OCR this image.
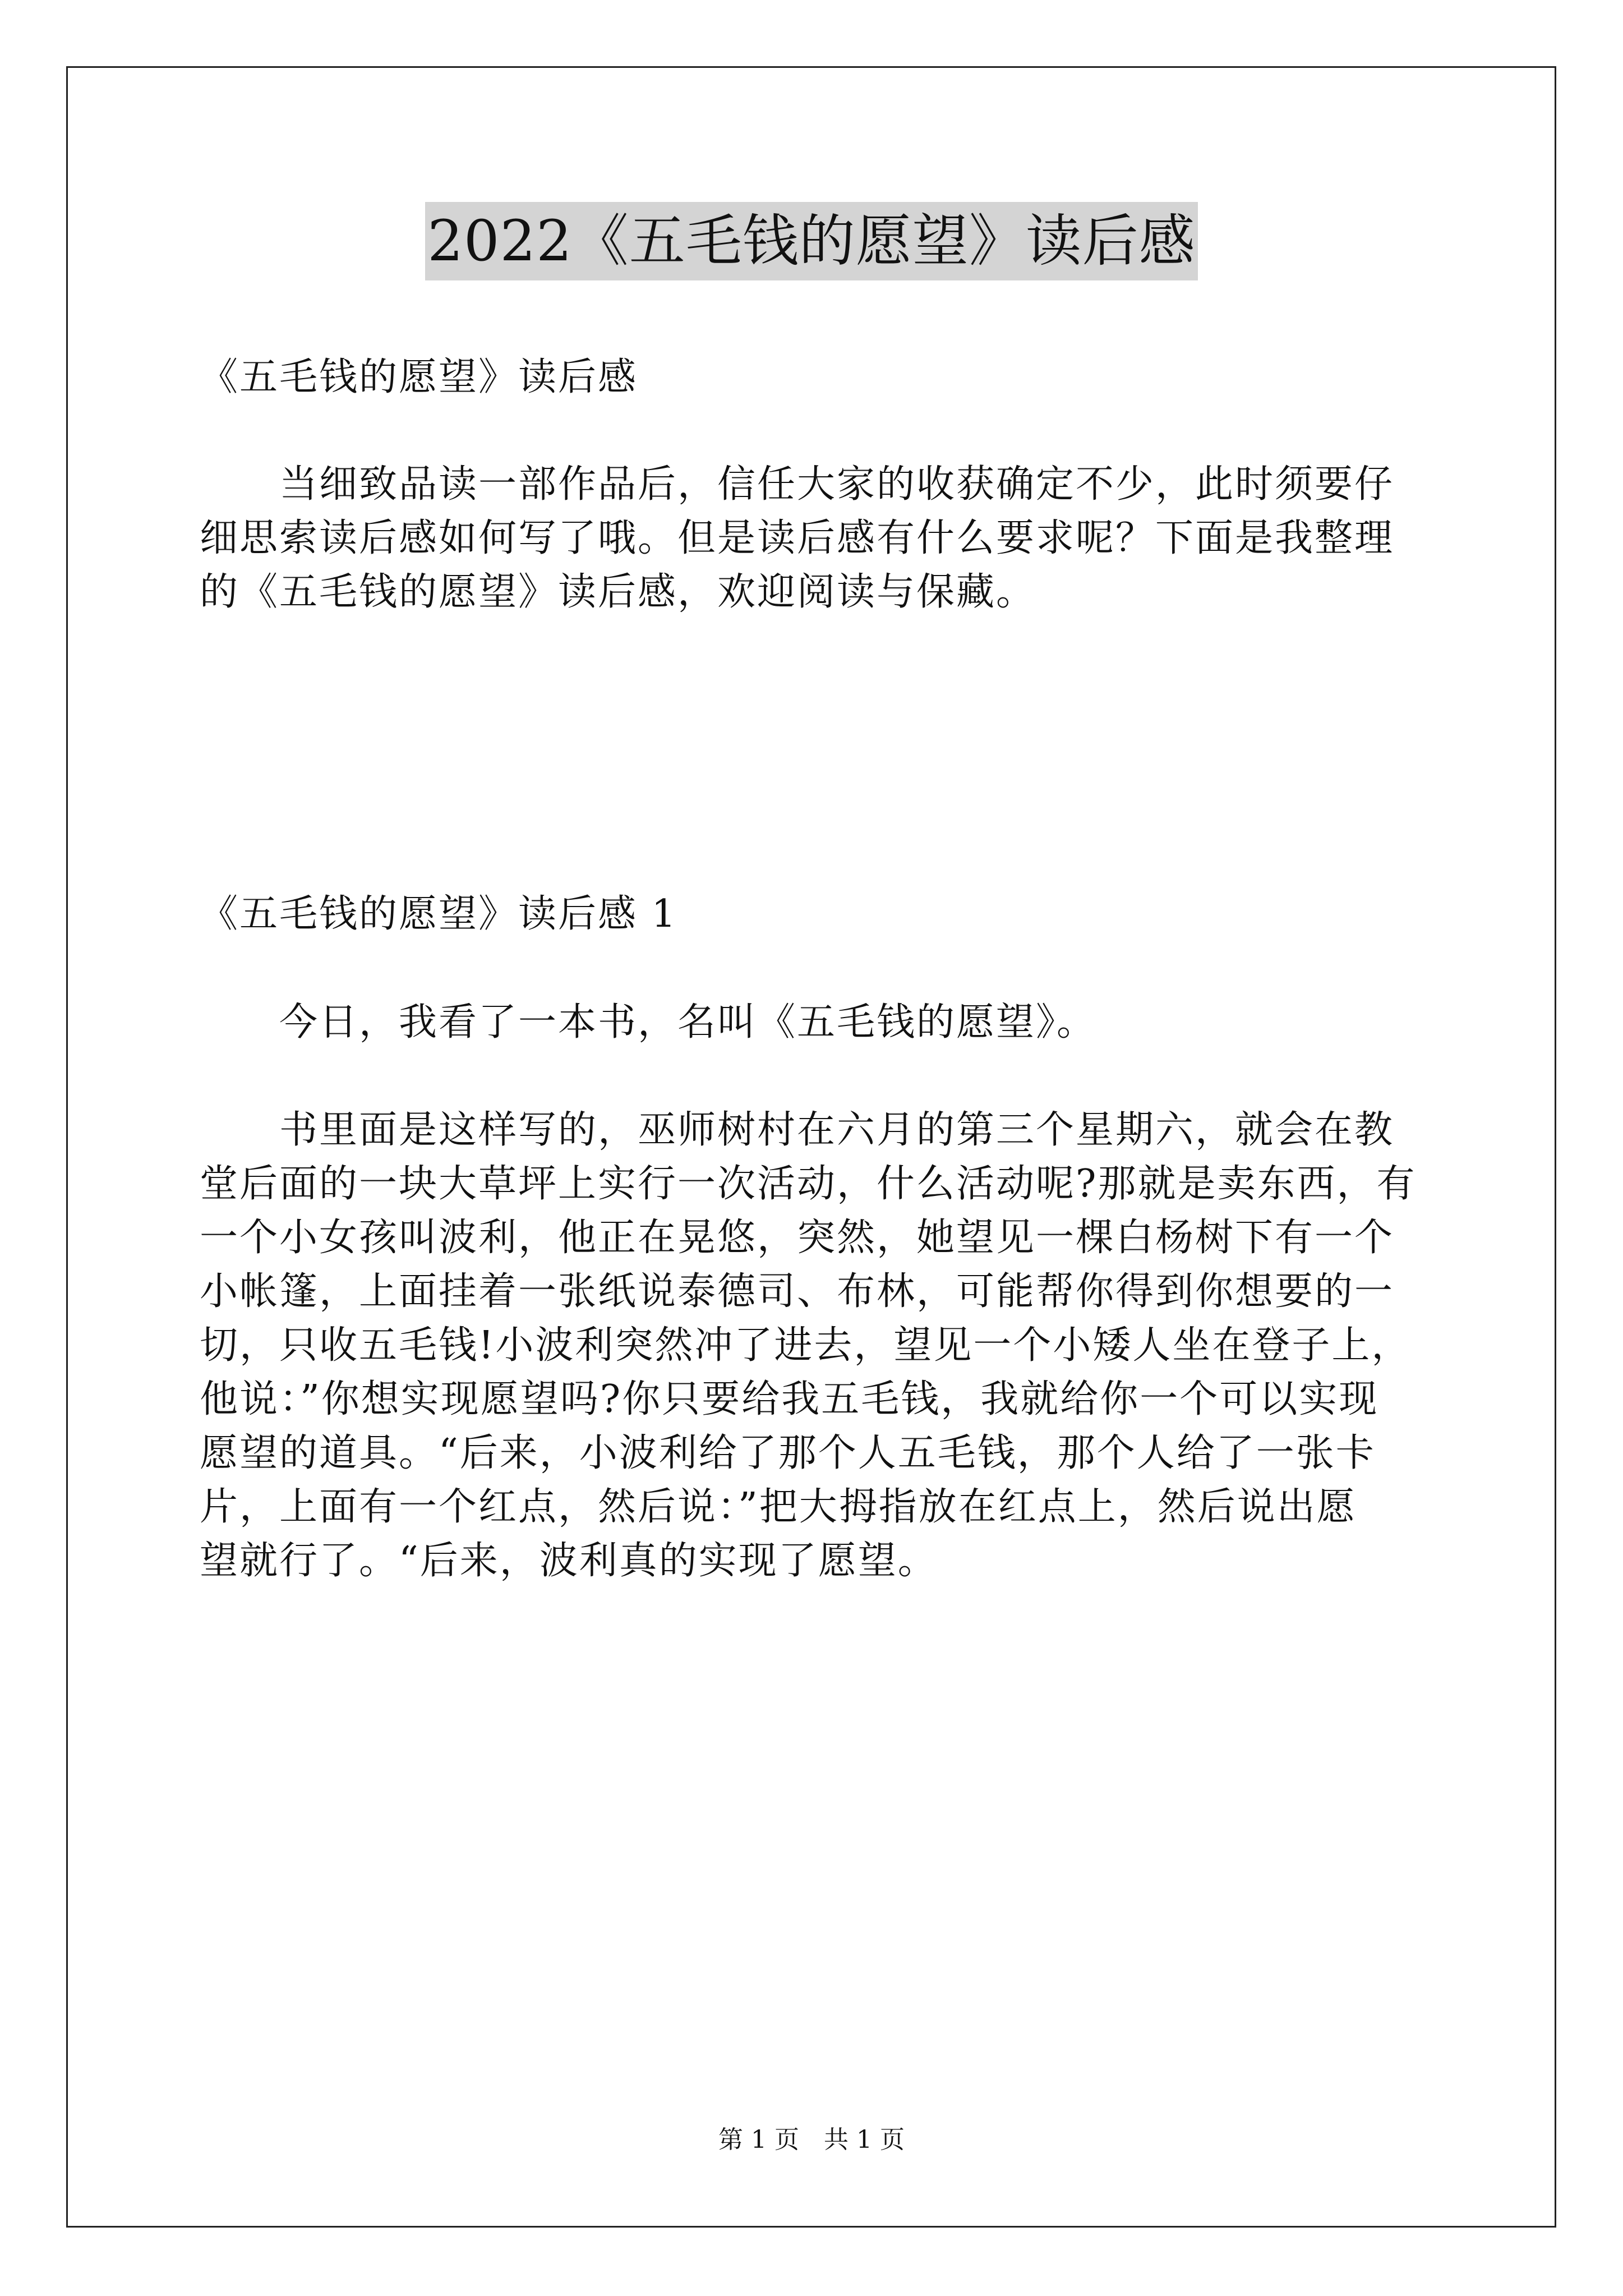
2022《五毛钱的愿望》读后感
《五毛钱的愿望》读后感
　　当细致品读一部作品后，信任大家的收获确定不少，此时须要仔
细思索读后感如何写了哦。但是读后感有什么要求呢？下面是我整理
的《五毛钱的愿望》读后感，欢迎阅读与保藏。
《五毛钱的愿望》读后感 1
　　今日，我看了一本书，名叫《五毛钱的愿望》。
　　书里面是这样写的，巫师树村在六月的第三个星期六，就会在教
堂后面的一块大草坪上实行一次活动，什么活动呢?那就是卖东西，有
一个小女孩叫波利，他正在晃悠，突然，她望见一棵白杨树下有一个
小帐篷，上面挂着一张纸说泰德司、布林，可能帮你得到你想要的一
切，只收五毛钱!小波利突然冲了进去，望见一个小矮人坐在登子上，
他说：”你想实现愿望吗?你只要给我五毛钱，我就给你一个可以实现
愿望的道具。“后来，小波利给了那个人五毛钱，那个人给了一张卡
片，上面有一个红点，然后说：”把大拇指放在红点上，然后说出愿
望就行了。“后来，波利真的实现了愿望。
第 1 页　共 1 页
